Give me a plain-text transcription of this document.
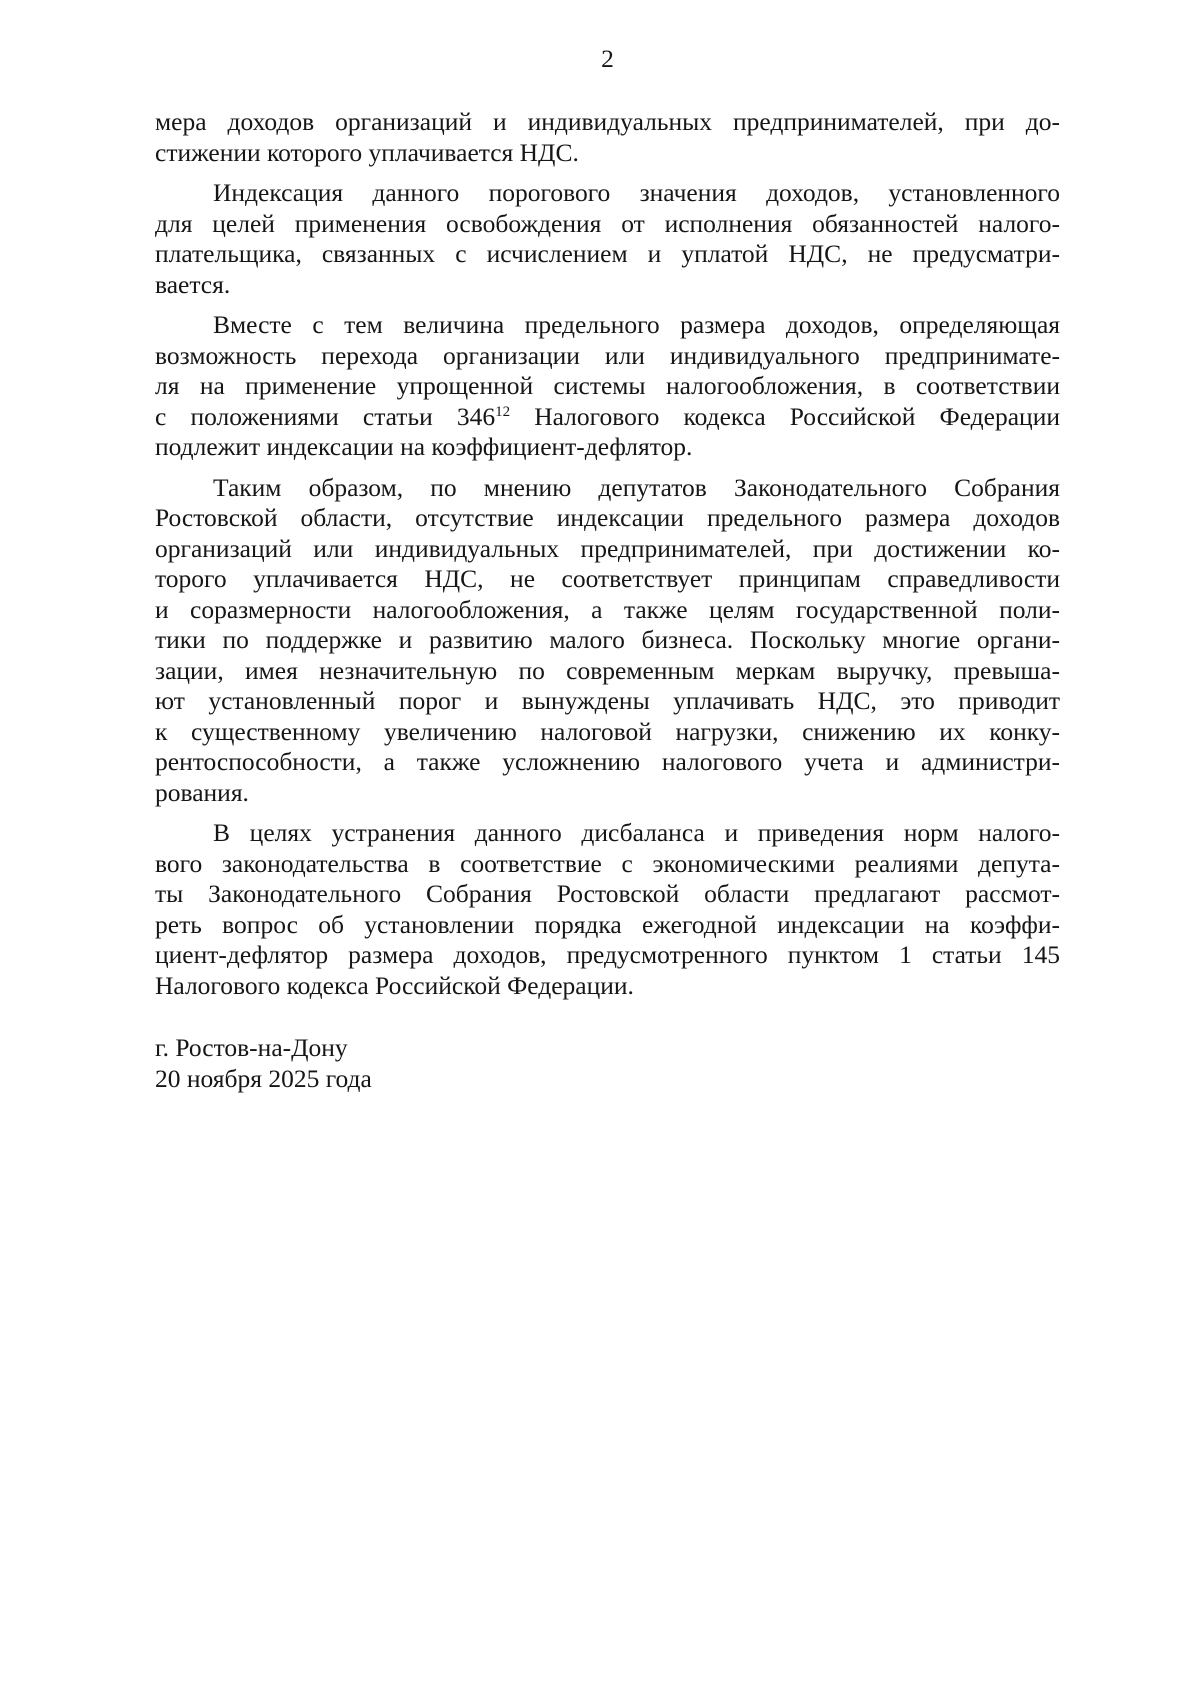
2
мера доходов организаций и индивидуальных предпринимателей, при до-
стижении которого уплачивается НДС.
Индексация данного порогового значения доходов, установленного
для целей применения освобождения от исполнения обязанностей налого-
плательщика, связанных с исчислением и уплатой НДС, не предусматри-
вается.
Вместе с тем величина предельного размера доходов, определяющая
возможность перехода организации или индивидуального предпринимате-
ля на применение упрощенной системы налогообложения, в соответствии
с положениями статьи $346^{12}$ Налогового кодекса Российской Федерации
подлежит индексации на коэффициент-дефлятор.
Таким образом, по мнению депутатов Законодательного Собрания
Ростовской области, отсутствие индексации предельного размера доходов
организаций или индивидуальных предпринимателей, при достижении ко-
торого уплачивается НДС, не соответствует принципам справедливости
и соразмерности налогообложения, а также целям государственной поли-
тики по поддержке и развитию малого бизнеса. Поскольку многие органи-
зации, имея незначительную по современным меркам выручку, превыша-
ют установленный порог и вынуждены уплачивать НДС, это приводит
к существенному увеличению налоговой нагрузки, снижению их конку-
рентоспособности, а также усложнению налогового учета и администри-
рования.
В целях устранения данного дисбаланса и приведения норм налого-
вого законодательства в соответствие с экономическими реалиями депута-
ты Законодательного Собрания Ростовской области предлагают рассмот-
реть вопрос об установлении порядка ежегодной индексации на коэффи-
циент-дефлятор размера доходов, предусмотренного пунктом 1 статьи 145
Налогового кодекса Российской Федерации.
г. Ростов-на-Дону
20 ноября 2025 года
